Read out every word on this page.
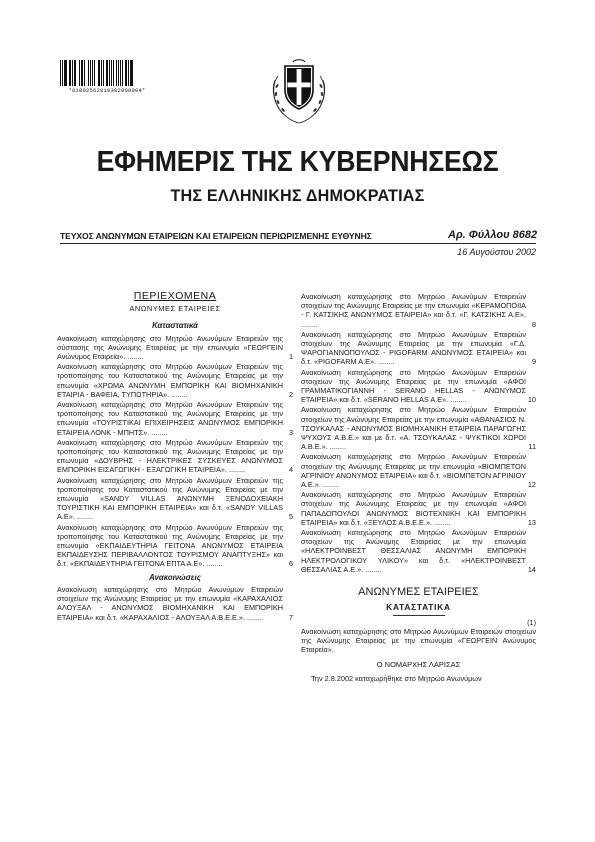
*01002562010302900004*
ΕΦΗΜΕΡΙΣ ΤΗΣ ΚΥΒΕΡΝΗΣΕΩΣ
ΤΗΣ ΕΛΛΗΝΙΚΗΣ ΔΗΜΟΚΡΑΤΙΑΣ
ΤΕΥΧΟΣ ΑΝΩΝΥΜΩΝ ΕΤΑΙΡΕΙΩΝ ΚΑΙ ΕΤΑΙΡΕΙΩΝ ΠΕΡΙΩΡΙΣΜΕΝΗΣ ΕΥΘΥΝΗΣ	Αρ. Φύλλου 8682
16 Αυγούστου 2002
ΠΕΡΙΕΧΟΜΕΝΑ
ΑΝΩΝΥΜΕΣ ΕΤΑΙΡΕΙΕΣ
Καταστατικά
Ανακοίνωση καταχώρησης στο Μητρώο Ανωνύμων Εταιρειών της σύστασης της Ανώνυμης Εταιρείας με την επωνυμία «ΓΕΩΡΓΕΙΝ Ανώνυμος Εταιρεία». ........	1
Ανακοίνωση καταχώρησης στο Μητρώο Ανωνύμων Εταιρειών της τροποποίησης του Καταστατικού της Ανώνυμης Εταιρείας με την επωνυμία «ΧΡΩΜΑ ΑΝΩΝΥΜΗ ΕΜΠΟΡΙΚΗ ΚΑΙ ΒΙΟΜΗΧΑΝΙΚΗ ΕΤΑΙΡΙΑ - ΒΑΦΕΙΑ, ΤΥΠΩΤΗΡΙΑ». ........	2
Ανακοίνωση καταχώρησης στο Μητρώο Ανωνύμων Εταιρειών της τροποποίησης του Καταστατικού της Ανώνυμης Εταιρείας με την επωνυμία «ΤΟΥΡΙΣΤΙΚΑΙ ΕΠΙΧΕΙΡΗΣΕΙΣ ΑΝΩΝΥΜΟΣ ΕΜΠΟΡΙΚΗ ΕΤΑΙΡΕΙΑ ΛΟΝΚ - ΜΠΗΤΣ». ........	3
Ανακοίνωση καταχώρησης στο Μητρώο Ανωνύμων Εταιρειών της τροποποίησης του Καταστατικού της Ανώνυμης Εταιρείας με την επωνυμία «ΔΟΥΒΡΗΣ - ΗΛΕΚΤΡΙΚΕΣ ΣΥΣΚΕΥΕΣ ΑΝΩΝΥΜΟΣ ΕΜΠΟΡΙΚΗ ΕΙΣΑΓΩΓΙΚΗ - ΕΞΑΓΩΓΙΚΗ ΕΤΑΙΡΕΙΑ». ........	4
Ανακοίνωση καταχώρησης στο Μητρώο Ανωνύμων Εταιρειών της τροποποίησης του Καταστατικού της Ανώνυμης Εταιρείας με την επωνυμία «SANDY VILLAS ΑΝΩΝΥΜΗ ΞΕΝΟΔΟΧΕΙΑΚΗ ΤΟΥΡΙΣΤΙΚΗ ΚΑΙ ΕΜΠΟΡΙΚΗ ΕΤΑΙΡΕΙΑ» και δ.τ. «SANDY VILLAS Α.Ε». ........	5
Ανακοίνωση καταχώρησης στο Μητρώο Ανωνύμων Εταιρειών της τροποποίησης του Καταστατικού της Ανώνυμης Εταιρείας με την επωνυμία «ΕΚΠΑΙΔΕΥΤΗΡΙΑ ΓΕΙΤΟΝΑ ΑΝΩΝΥΜΟΣ ΕΤΑΙΡΕΙΑ ΕΚΠΑΙΔΕΥΣΗΣ ΠΕΡΙΒΑΛΛΟΝΤΟΣ ΤΟΥΡΙΣΜΟΥ ΑΝΑΠΤΥΞΗΣ» και δ.τ. «ΕΚΠΑΙΔΕΥΤΗΡΙΑ ΓΕΙΤΟΝΑ ΕΠΤΑ Α.Ε». ........	6
Ανακοινώσεις
Ανακοίνωση καταχώρησης στο Μητρώο Ανωνύμων Εταιρειών στοιχείων της Ανώνυμης Εταιρείας με την επωνυμία «ΚΑΡΑΧΑΛΙΟΣ ΑΛΟΥΞΑΛ - ΑΝΩΝΥΜΟΣ ΒΙΟΜΗΧΑΝΙΚΗ ΚΑΙ ΕΜΠΟΡΙΚΗ ΕΤΑΙΡΕΙΑ» και δ.τ. «ΚΑΡΑΧΑΛΙΟΣ - ΑΛΟΥΞΑΛ Α.Β.Ε.Ε.». ........	7
Ανακοίνωση καταχώρησης στο Μητρώο Ανωνύμων Εταιρειών στοιχείων της Ανώνυμης Εταιρείας με την επωνυμία «ΚΕΡΑΜΟΠΟΙΙΑ - Γ. ΚΑΤΣΙΚΗΣ ΑΝΩΝΥΜΟΣ ΕΤΑΙΡΕΙΑ» και δ.τ. «Γ. ΚΑΤΣΙΚΗΣ Α.Ε». ........	8
Ανακοίνωση καταχώρησης στο Μητρώο Ανωνύμων Εταιρειών στοιχείων της Ανώνυμης Εταιρείας με την επωνυμία «Γ.Δ. ΨΑΡΟΓΙΑΝΝΟΠΟΥΛΟΣ - PIGOFARM ΑΝΩΝΥΜΟΣ ΕΤΑΙΡΕΙΑ» και δ.τ. «PIGOFARM A.E». ........	9
Ανακοίνωση καταχώρησης στο Μητρώο Ανωνύμων Εταιρειών στοιχείων της Ανώνυμης Εταιρείας με την επωνυμία «ΑΦΟΙ ΓΡΑΜΜΑΤΙΚΟΓΙΑΝΝΗ - SERANO HELLAS - ΑΝΩΝΥΜΟΣ ΕΤΑΙΡΕΙΑ» και δ.τ. «SERANO HELLAS A.E». ........	10
Ανακοίνωση καταχώρησης στο Μητρώο Ανωνύμων Εταιρειών στοιχείων της Ανώνυμης Εταιρείας με την επωνυμία «ΑΘΑΝΑΣΙΟΣ Ν. ΤΣΟΥΚΑΛΑΣ - ΑΝΩΝΥΜΟΣ ΒΙΟΜΗΧΑΝΙΚΗ ΕΤΑΙΡΕΙΑ ΠΑΡΑΓΩΓΗΣ ΨΥΧΟΥΣ Α.Β.Ε.» και με δ.τ. «Α. ΤΣΟΥΚΑΛΑΣ - ΨΥΚΤΙΚΟΙ ΧΩΡΟΙ Α.Β.Ε.». ........	11
Ανακοίνωση καταχώρησης στο Μητρώο Ανωνύμων Εταιρειών στοιχείων της Ανώνυμης Εταιρείας με την επωνυμία «ΒΙΟΜΠΕΤΟΝ ΑΓΡΙΝΙΟΥ ΑΝΩΝΥΜΟΣ ΕΤΑΙΡΕΙΑ» και δ.τ. «ΒΙΟΜΠΕΤΟΝ ΑΓΡΙΝΙΟΥ Α.Ε.». ........	12
Ανακοίνωση καταχώρησης στο Μητρώο Ανωνύμων Εταιρειών στοιχείων της Ανώνυμης Εταιρείας με την επωνυμία «ΑΦΟΙ ΠΑΠΑΔΟΠΟΥΛΟΙ ΑΝΩΝΥΜΟΣ ΒΙΟΤΕΧΝΙΚΗ ΚΑΙ ΕΜΠΟΡΙΚΗ ΕΤΑΙΡΕΙΑ» και δ.τ. «ΞΕΥΛΟΣ Α.Β.Ε.Ε.». ........	13
Ανακοίνωση καταχώρησης στο Μητρώο Ανωνύμων Εταιρειών στοιχείων της Ανώνυμης Εταιρείας με την επωνυμία «ΗΛΕΚΤΡΟΙΝΒΕΣΤ ΘΕΣΣΑΛΙΑΣ ΑΝΩΝΥΜΗ ΕΜΠΟΡΙΚΗ ΗΛΕΚΤΡΟΛΟΓΙΚΟΥ ΥΛΙΚΟΥ» και δ.τ. «ΗΛΕΚΤΡΟΙΝΒΕΣΤ ΘΕΣΣΑΛΙΑΣ Α.Ε.». ........	14
ΑΝΩΝΥΜΕΣ ΕΤΑΙΡΕΙΕΣ
ΚΑΤΑΣΤΑΤΙΚΑ
(1)
Ανακοίνωση καταχώρησης στο Μητρώο Ανωνύμων Εταιρειών στοιχείων της Ανώνυμης Εταιρείας με την επωνυμία «ΓΕΩΡΓΕΙΝ Ανώνυμος Εταιρεία».
Ο ΝΟΜΑΡΧΗΣ ΛΑΡΙΣΑΣ
Την 2.8.2002 καταχωρήθηκε στο Μητρώο Ανωνύμων
